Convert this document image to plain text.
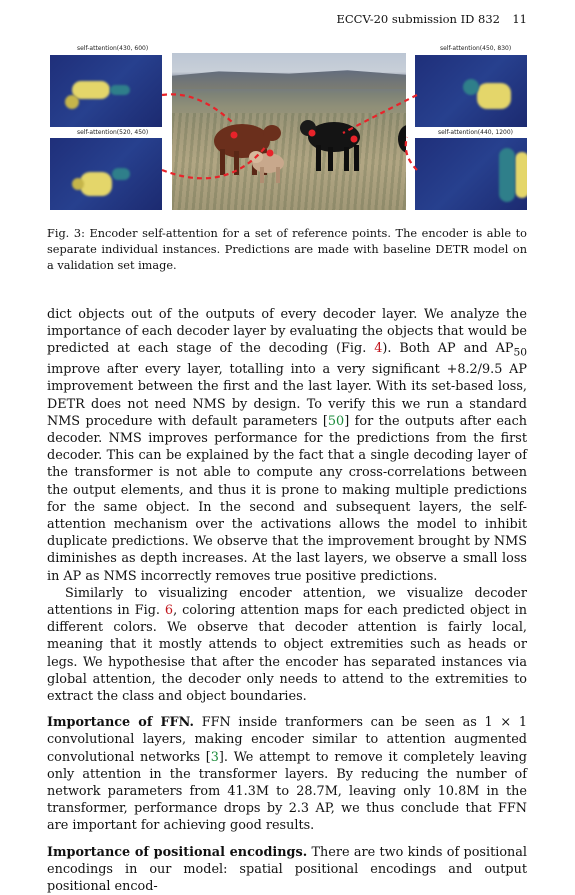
ECCV-20 submission ID 832 11
self-attention(430, 600)
self-attention(520, 450)
self-attention(450, 830)
self-attention(440, 1200)
Fig. 3: Encoder self-attention for a set of reference points. The encoder is able to separate individual instances. Predictions are made with baseline DETR model on a validation set image.

dict objects out of the outputs of every decoder layer. We analyze the importance of each decoder layer by evaluating the objects that would be predicted at each stage of the decoding (Fig. 4). Both AP and $AP_{50}$ improve after every layer, totalling into a very significant +8.2/9.5 AP improvement between the first and the last layer. With its set-based loss, DETR does not need NMS by design. To verify this we run a standard NMS procedure with default parameters [50] for the outputs after each decoder. NMS improves performance for the predictions from the first decoder. This can be explained by the fact that a single decoding layer of the transformer is not able to compute any cross-correlations between the output elements, and thus it is prone to making multiple predictions for the same object. In the second and subsequent layers, the self-attention mechanism over the activations allows the model to inhibit duplicate predictions. We observe that the improvement brought by NMS diminishes as depth increases. At the last layers, we observe a small loss in AP as NMS incorrectly removes true positive predictions.

Similarly to visualizing encoder attention, we visualize decoder attentions in Fig. 6, coloring attention maps for each predicted object in different colors. We observe that decoder attention is fairly local, meaning that it mostly attends to object extremities such as heads or legs. We hypothesise that after the encoder has separated instances via global attention, the decoder only needs to attend to the extremities to extract the class and object boundaries.

Importance of FFN. FFN inside tranformers can be seen as 1 × 1 convolutional layers, making encoder similar to attention augmented convolutional networks [3]. We attempt to remove it completely leaving only attention in the transformer layers. By reducing the number of network parameters from 41.3M to 28.7M, leaving only 10.8M in the transformer, performance drops by 2.3 AP, we thus conclude that FFN are important for achieving good results.

Importance of positional encodings. There are two kinds of positional encodings in our model: spatial positional encodings and output positional encod-
